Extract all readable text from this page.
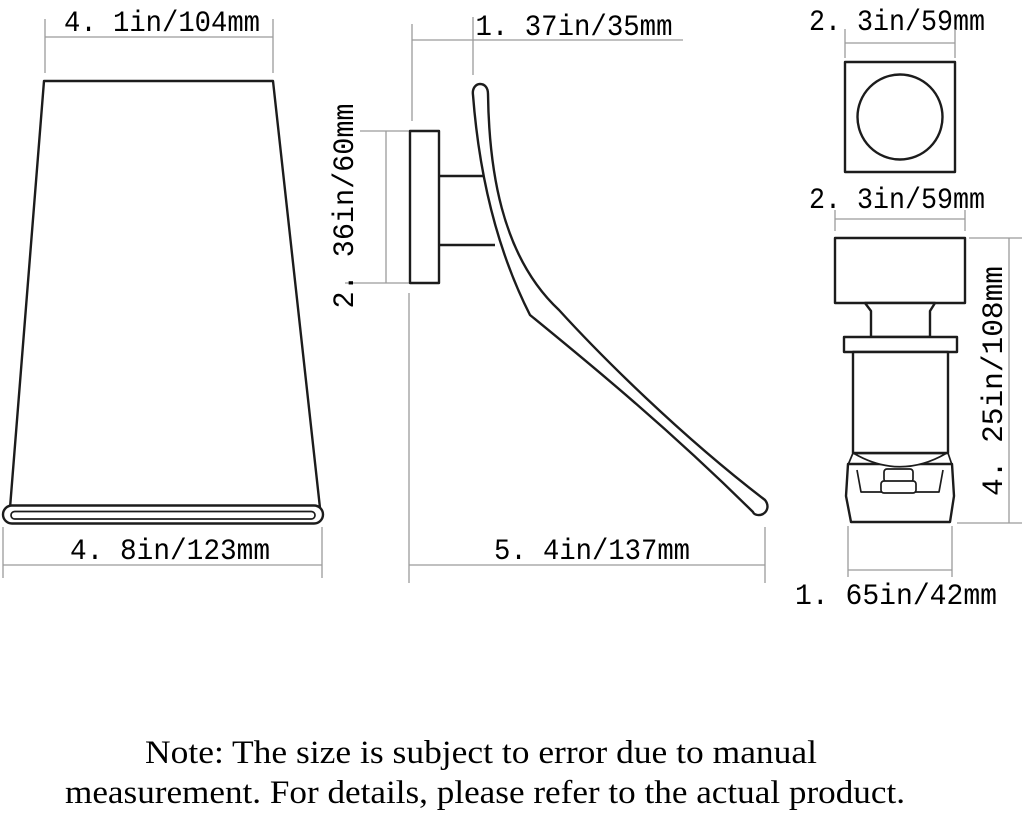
4. 1in/104mm
4. 8in/123mm
1. 37in/35mm
2. 36in/60mm
5. 4in/137mm
2. 3in/59mm
2. 3in/59mm
4. 25in/108mm
1. 65in/42mm
Note: The size is subject to error due to manual
measurement. For details, please refer to the actual product.
